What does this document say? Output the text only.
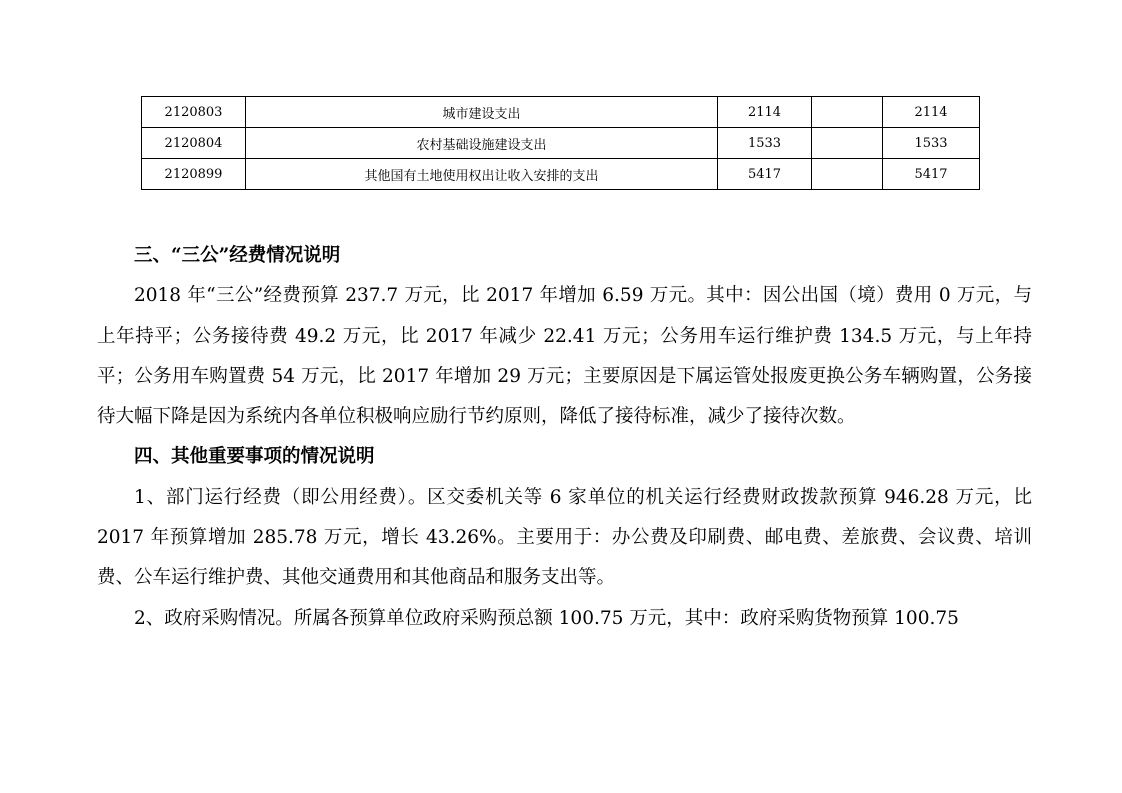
2120803	城市建设支出	2114		2114
2120804	农村基础设施建设支出	1533		1533
2120899	其他国有土地使用权出让收入安排的支出	5417		5417

三、“三公”经费情况说明

2018 年“三公”经费预算 237.7 万元，比 2017 年增加 6.59 万元。其中：因公出国（境）费用 0 万元，与上年持平；公务接待费 49.2 万元，比 2017 年减少 22.41 万元；公务用车运行维护费 134.5 万元，与上年持平；公务用车购置费 54 万元，比 2017 年增加 29 万元；主要原因是下属运管处报废更换公务车辆购置，公务接待大幅下降是因为系统内各单位积极响应励行节约原则，降低了接待标准，减少了接待次数。

四、其他重要事项的情况说明

1、部门运行经费（即公用经费）。区交委机关等 6 家单位的机关运行经费财政拨款预算 946.28 万元，比 2017 年预算增加 285.78 万元，增长 43.26%。主要用于：办公费及印刷费、邮电费、差旅费、会议费、培训费、公车运行维护费、其他交通费用和其他商品和服务支出等。

2、政府采购情况。所属各预算单位政府采购预总额 100.75 万元，其中：政府采购货物预算 100.75
